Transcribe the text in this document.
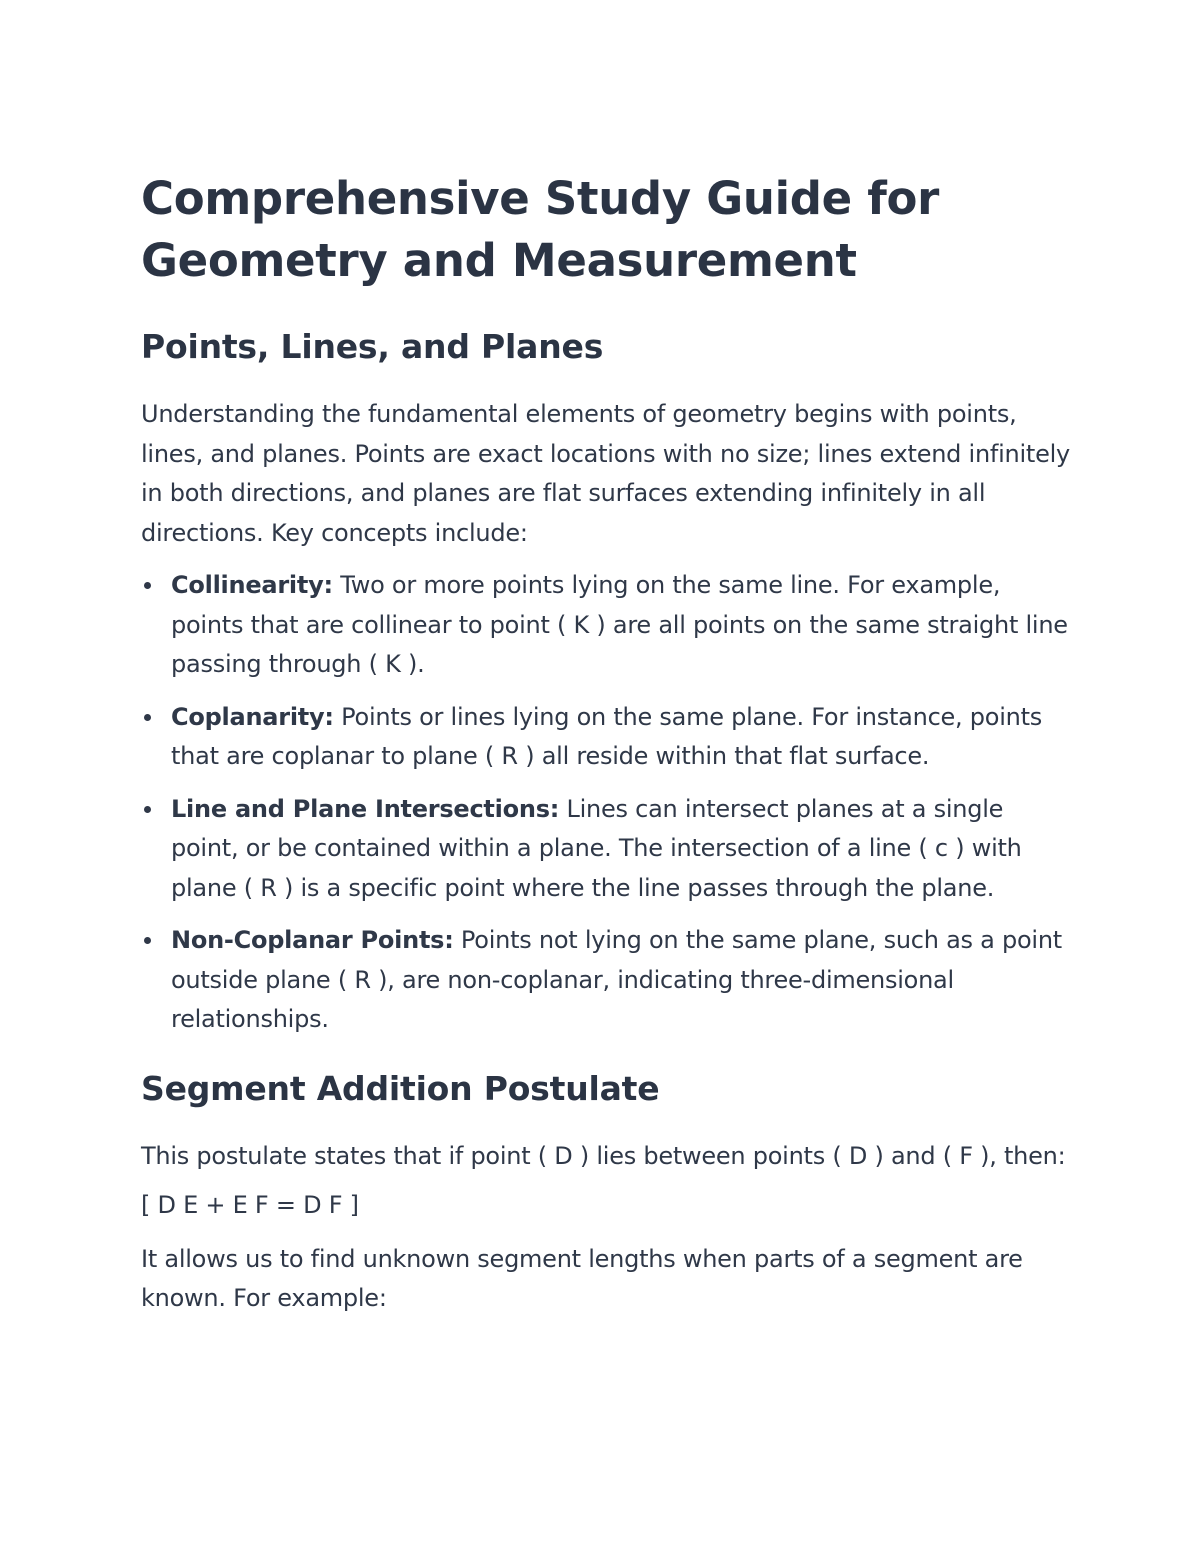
Comprehensive Study Guide for Geometry and Measurement
Points, Lines, and Planes

Understanding the fundamental elements of geometry begins with points, lines, and planes. Points are exact locations with no size; lines extend infinitely in both directions, and planes are flat surfaces extending infinitely in all directions. Key concepts include:

Collinearity: Two or more points lying on the same line. For example, points that are collinear to point ( K ) are all points on the same straight line passing through ( K ).
Coplanarity: Points or lines lying on the same plane. For instance, points that are coplanar to plane ( R ) all reside within that flat surface.
Line and Plane Intersections: Lines can intersect planes at a single point, or be contained within a plane. The intersection of a line ( c ) with plane ( R ) is a specific point where the line passes through the plane.
Non-Coplanar Points: Points not lying on the same plane, such as a point outside plane ( R ), are non-coplanar, indicating three-dimensional relationships.
Segment Addition Postulate

This postulate states that if point ( D ) lies between points ( D ) and ( F ), then:

[ D E + E F = D F ]

It allows us to find unknown segment lengths when parts of a segment are known. For example:
